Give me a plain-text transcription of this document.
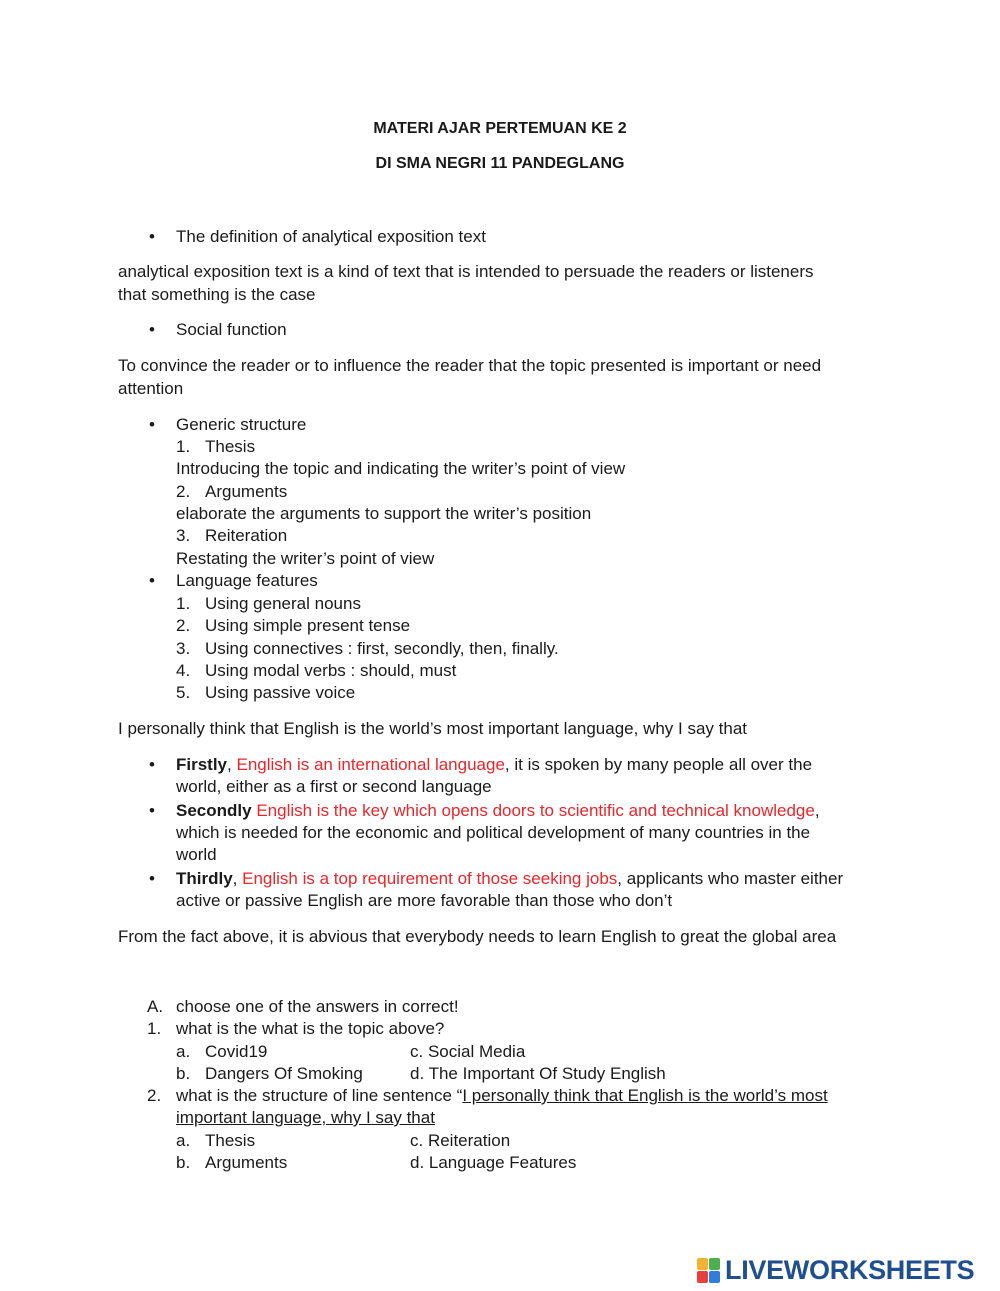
MATERI AJAR PERTEMUAN KE 2
DI SMA NEGRI 11 PANDEGLANG
• The definition of analytical exposition text
analytical exposition text is a kind of text that is intended to persuade the readers or listeners
that something is the case
• Social function
To convince the reader or to influence the reader that the topic presented is important or need
attention
• Generic structure
1. Thesis
Introducing the topic and indicating the writer’s point of view
2. Arguments
elaborate the arguments to support the writer’s position
3. Reiteration
Restating the writer’s point of view
• Language features
1. Using general nouns
2. Using simple present tense
3. Using connectives : first, secondly, then, finally.
4. Using modal verbs : should, must
5. Using passive voice
I personally think that English is the world’s most important language, why I say that
• Firstly, English is an international language, it is spoken by many people all over the
world, either as a first or second language
• Secondly English is the key which opens doors to scientific and technical knowledge,
which is needed for the economic and political development of many countries in the
world
• Thirdly, English is a top requirement of those seeking jobs, applicants who master either
active or passive English are more favorable than those who don’t
From the fact above, it is abvious that everybody needs to learn English to great the global area
A. choose one of the answers in correct!
1. what is the what is the topic above?
a. Covid19	c. Social Media
b. Dangers Of Smoking	d. The Important Of Study English
2. what is the structure of line sentence “I personally think that English is the world’s most
important language, why I say that
a. Thesis	c. Reiteration
b. Arguments	d. Language Features
LIVEWORKSHEETS
